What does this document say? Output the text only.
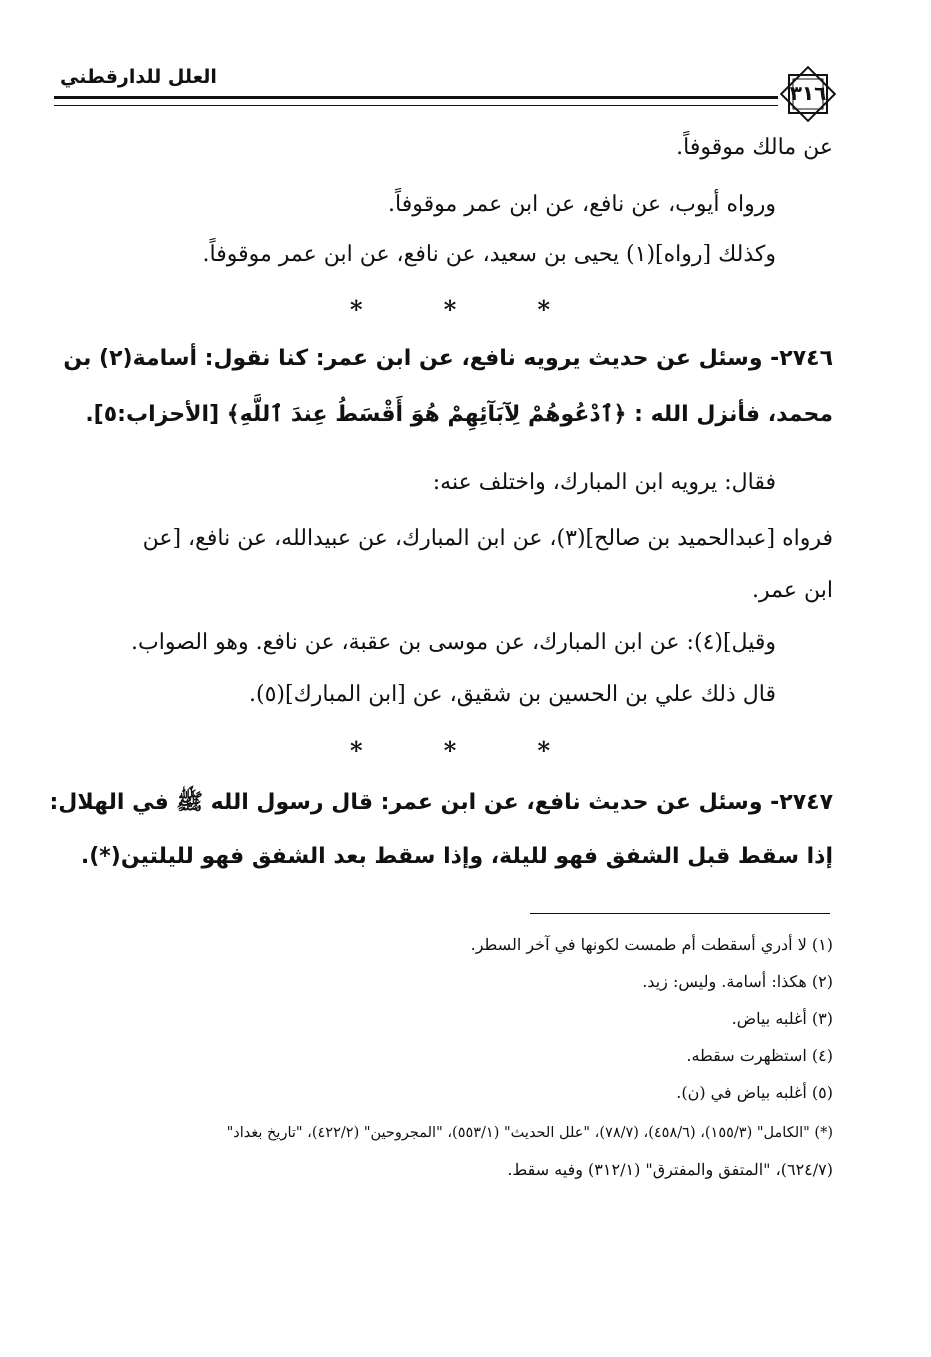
العلل للدارقطني
٣١٦
عن مالك موقوفاً.
ورواه أيوب، عن نافع، عن ابن عمر موقوفاً.
وكذلك [رواه](١) يحيى بن سعيد، عن نافع، عن ابن عمر موقوفاً.
*	*	*
٢٧٤٦- وسئل عن حديث يرويه نافع، عن ابن عمر: كنا نقول: أسامة(٢) بن
محمد، فأنزل الله : ﴿ٱدْعُوهُمْ لِآبَآئِهِمْ هُوَ أَقْسَطُ عِندَ ٱللَّهِ﴾ [الأحزاب:٥].
فقال: يرويه ابن المبارك، واختلف عنه:
فرواه [عبدالحميد بن صالح](٣)، عن ابن المبارك، عن عبيدالله، عن نافع، [عن
ابن عمر.
وقيل](٤): عن ابن المبارك، عن موسى بن عقبة، عن نافع. وهو الصواب.
قال ذلك علي بن الحسين بن شقيق، عن [ابن المبارك](٥).
*	*	*
٢٧٤٧- وسئل عن حديث نافع، عن ابن عمر: قال رسول الله ﷺ في الهلال:
إذا سقط قبل الشفق فهو لليلة، وإذا سقط بعد الشفق فهو لليلتين(*).
(١) لا أدري أسقطت أم طمست لكونها في آخر السطر.
(٢) هكذا: أسامة. وليس: زيد.
(٣) أغلبه بياض.
(٤) استظهرت سقطه.
(٥) أغلبه بياض في (ن).
(*) "الكامل" (١٥٥/٣)، (٤٥٨/٦)، (٧٨/٧)، "علل الحديث" (٥٥٣/١)، "المجروحين" (٤٢٢/٢)، "تاريخ بغداد"
(٦٢٤/٧)، "المتفق والمفترق" (٣١٢/١) وفيه سقط.
